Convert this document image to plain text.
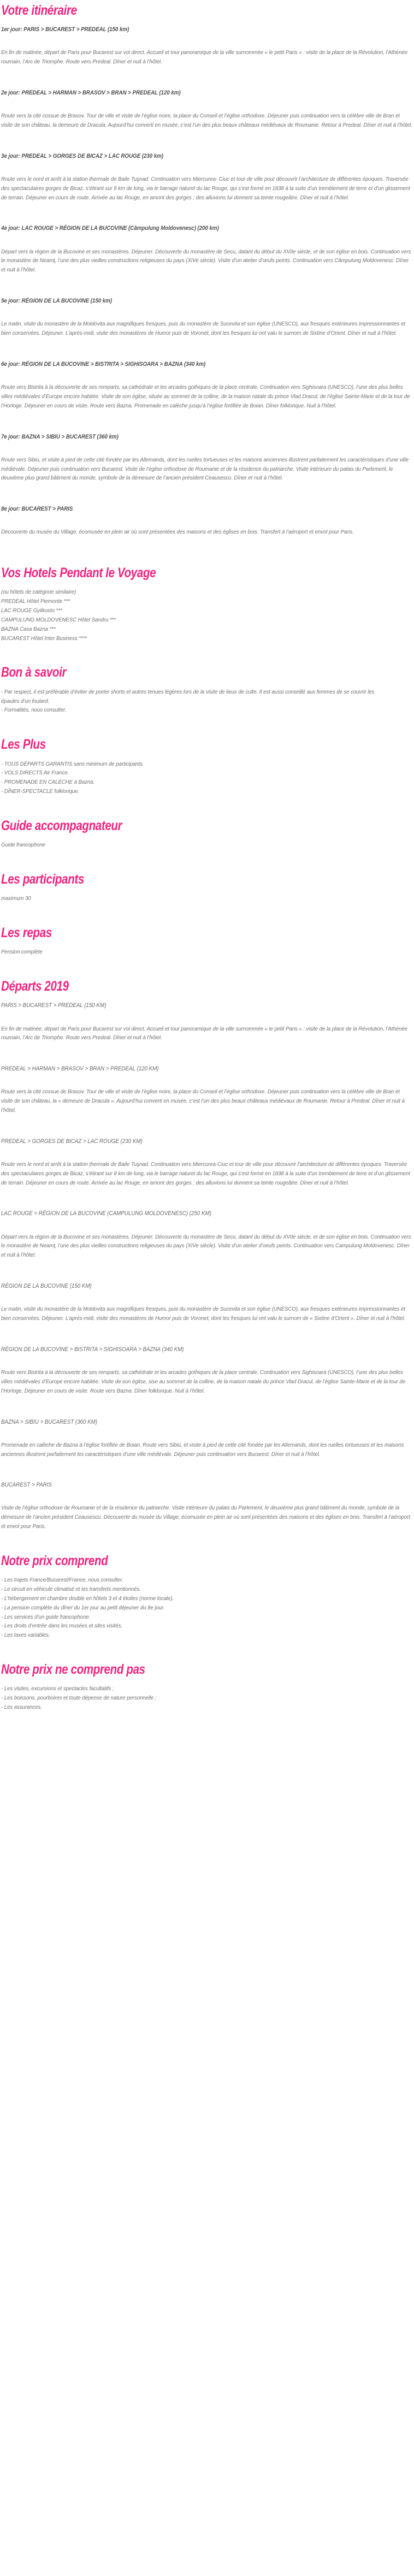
Votre itinéraire
1er jour: PARIS > BUCAREST > PREDEAL (150 km)

En fin de matinée, départ de Paris pour Bucarest sur vol direct. Accueil et tour panoramique de la ville surnommée « le petit Paris » : visite de la place de la Révolution, l’Athénée roumain, l’Arc de Triomphe. Route vers Predeal. Dîner et nuit à l’hôtel.

2e jour: PREDEAL > HARMAN > BRASOV > BRAN > PREDEAL (120 km)

Route vers la cité cossue de Brasov. Tour de ville et visite de l’église noire, la place du Conseil et l’église orthodoxe. Déjeuner puis continuation vers la célèbre ville de Bran et visite de son château, la demeure de Dracula. Aujourd’hui converti en musée, c’est l’un des plus beaux châteaux médiévaux de Roumanie. Retour à Predeal. Dîner et nuit à l’hôtel.

3e jour: PREDEAL > GORGES DE BICAZ > LAC ROUGE (230 km)

Route vers le nord et arrêt à la station thermale de Baile Tuşnad. Continuation vers Miercurea- Ciuc et tour de ville pour découvrir l’architecture de différentes époques. Traversée des spectaculaires gorges de Bicaz, s’étirant sur 8 km de long, via le barrage naturel du lac Rouge, qui s’est formé en 1838 à la suite d’un tremblement de terre et d’un glissement de terrain. Déjeuner en cours de route. Arrivée au lac Rouge, en amont des gorges ; des alluvions lui donnent sa teinte rougeâtre. Dîner et nuit à l’hôtel.

4e jour: LAC ROUGE > RÉGION DE LA BUCOVINE (Câmpulung Moldovenesc) (200 km)

Départ vers la région de la Bucovine et ses monastères. Déjeuner. Découverte du monastère de Secu, datant du début du XVIIe siècle, et de son église en bois. Continuation vers le monastère de Neamţ, l’une des plus vieilles constructions religieuses du pays (XIVe siècle). Visite d’un atelier d’œufs peints. Continuation vers Câmpulung Moldovenesc. Dîner et nuit à l’hôtel.

5e jour: RÉGION DE LA BUCOVINE (150 km)

Le matin, visite du monastère de la Moldovita aux magnifiques fresques, puis du monastère de Sucevita et son église (UNESCO), aux fresques extérieures impressionnantes et bien conservées. Déjeuner. L’après-midi, visite des monastères de Humor puis de Voronet, dont les fresques lui ont valu le surnom de Sixtine d’Orient. Dîner et nuit à l’hôtel.

6e jour: RÉGION DE LA BUCOVINE > BISTRITA > SIGHISOARA > BAZNA (340 km)

Route vers Bistrita à la découverte de ses remparts, sa cathédrale et les arcades gothiques de la place centrale. Continuation vers Sighisoara (UNESCO), l’une des plus belles villes médiévales d’Europe encore habitée. Visite de son église, située au sommet de la colline, de la maison natale du prince Vlad Dracul, de l’église Sainte-Marie et de la tour de l’Horloge. Déjeuner en cours de visite. Route vers Bazna. Promenade en calèche jusqu’à l’église fortifiée de Boian. Dîner folklorique. Nuit à l’hôtel.

7e jour: BAZNA > SIBIU > BUCAREST (360 km)

Route vers Sibiu, et visite à pied de cette cité fondée par les Allemands, dont les ruelles tortueuses et les maisons anciennes illustrent parfaitement les caractéristiques d’une ville médiévale. Déjeuner puis continuation vers Bucarest. Visite de l’église orthodoxe de Roumanie et de la résidence du patriarche. Visite intérieure du palais du Parlement, le deuxième plus grand bâtiment du monde, symbole de la démesure de l’ancien président Ceausescu. Dîner et nuit à l’hôtel.

8e jour: BUCAREST > PARIS

Découverte du musée du Village, écomusée en plein air où sont présentées des maisons et des églises en bois. Transfert à l’aéroport et envol pour Paris.

Vos Hotels Pendant le Voyage
(ou hôtels de catégorie similaire)
PREDEAL Hôtel Piemonte ***
LAC ROUGE Gyilkosto ***
CAMPULUNG MOLDOVENESC Hôtel Sandru ***
BAZNA Casa Bazna ***
BUCAREST Hôtel Inter Business ****
Bon à savoir

- Par respect, il est préférable d’éviter de porter shorts et autres tenues légères lors de la visite de lieux de culte. Il est aussi conseillé aux femmes de se couvrir les épaules d’un foulard.

- Formalités, nous consulter.

Les Plus
- TOUS DÉPARTS GARANTIS sans minimum de participants.
- VOLS DIRECTS Air France.
- PROMENADE EN CALÈCHE à Bazna.
- DÎNER-SPECTACLE folklorique.
Guide accompagnateur
Guide francophone
Les participants
maximum 30
Les repas
Pension complète
Départs 2019
PARIS > BUCAREST > PREDEAL (150 KM)

En fin de matinée, départ de Paris pour Bucarest sur vol direct. Accueil et tour panoramique de la ville surnommée « le petit Paris » : visite de la place de la Révolution, l’Athénée roumain, l’Arc de Triomphe. Route vers Predeal. Dîner et nuit à l’hôtel.

PREDEAL > HARMAN > BRASOV > BRAN > PREDEAL (120 KM)

Route vers la cité cossue de Brasov. Tour de ville et visite de l’église noire, la place du Conseil et l’église orthodoxe. Déjeuner puis continuation vers la célèbre ville de Bran et visite de son château, la « demeure de Dracula ». Aujourd’hui converti en musée, c’est l’un des plus beaux châteaux médiévaux de Roumanie. Retour à Predeal. Dîner et nuit à l’hôtel.

PREDEAL > GORGES DE BICAZ > LAC ROUGE (230 KM)

Route vers le nord et arrêt à la station thermale de Baile Tuşnad. Continuation vers Miercurea-Ciuc et tour de ville pour découvrir l’architecture de différentes époques. Traversée des spectaculaires gorges de Bicaz, s’étirant sur 8 km de long, via le barrage naturel du lac Rouge, qui s’est formé en 1838 à la suite d’un tremblement de terre et d’un glissement de terrain. Déjeuner en cours de route. Arrivée au lac Rouge, en amont des gorges ; des alluvions lui donnent sa teinte rougeâtre. Dîner et nuit à l’hôtel.

LAC ROUGE > RÉGION DE LA BUCOVINE (CAMPULUNG MOLDOVENESC) (250 KM)

Départ vers la région de la Bucovine et ses monastères. Déjeuner. Découverte du monastère de Secu, datant du début du XVIIe siècle, et de son église en bois. Continuation vers le monastère de Neamţ, l’une des plus vieilles constructions religieuses du pays (XIVe siècle). Visite d’un atelier d’oeufs peints. Continuation vers Campulung Moldovenesc. Dîner et nuit à l’hôtel.

RÉGION DE LA BUCOVINE (150 KM)

Le matin, visite du monastère de la Moldovita aux magnifiques fresques, puis du monastère de Sucevita et son église (UNESCO), aux fresques extérieures impressionnantes et bien conservées. Déjeuner. L’après-midi, visite des monastères de Humor puis de Voronet, dont les fresques lui ont valu le surnom de « Sixtine d’Orient ». Dîner et nuit à l’hôtel.

RÉGION DE LA BUCOVINE > BISTRITA > SIGHISOARA > BAZNA (340 KM)

Route vers Bistrita à la découverte de ses remparts, sa cathédrale et les arcades gothiques de la place centrale. Continuation vers Sighisoara (UNESCO), l’une des plus belles villes médiévales d’Europe encore habitée. Visite de son église, sise au sommet de la colline, de la maison natale du prince Vlad Dracul, de l’église Sainte-Marie et de la tour de l’Horloge. Déjeuner en cours de visite. Route vers Bazna. Dîner folklorique. Nuit à l’hôtel.

BAZNA > SIBIU > BUCAREST (360 KM)

Promenade en calèche de Bazna à l’église fortifiée de Boian. Route vers Sibiu, et visite à pied de cette cité fondée par les Allemands, dont les ruelles tortueuses et les maisons anciennes illustrent parfaitement les caractéristiques d’une ville médiévale. Déjeuner puis continuation vers Bucarest. Dîner et nuit à l’hôtel.

BUCAREST > PARIS

Visite de l’église orthodoxe de Roumanie et de la résidence du patriarche. Visite intérieure du palais du Parlement, le deuxième plus grand bâtiment du monde, symbole de la démesure de l’ancien président Ceausescu. Découverte du musée du Village, écomusée en plein air où sont présentées des maisons et des églises en bois. Transfert à l’aéroport et envol pour Paris.

Notre prix comprend
- Les trajets France/Bucarest/France, nous consulter.
- Le circuit en véhicule climatisé et les transferts mentionnés.
- L’hébergement en chambre double en hôtels 3 et 4 étoiles (norme locale).
- La pension complète du dîner du 1er jour au petit déjeuner du 8e jour.
- Les services d’un guide francophone.
- Les droits d’entrée dans les musées et sites visités.
- Les taxes variables.
Notre prix ne comprend pas
- Les visites, excursions et spectacles facultatifs ;
- Les boissons, pourboires et toute dépense de nature personnelle ;
- Les assurances.
